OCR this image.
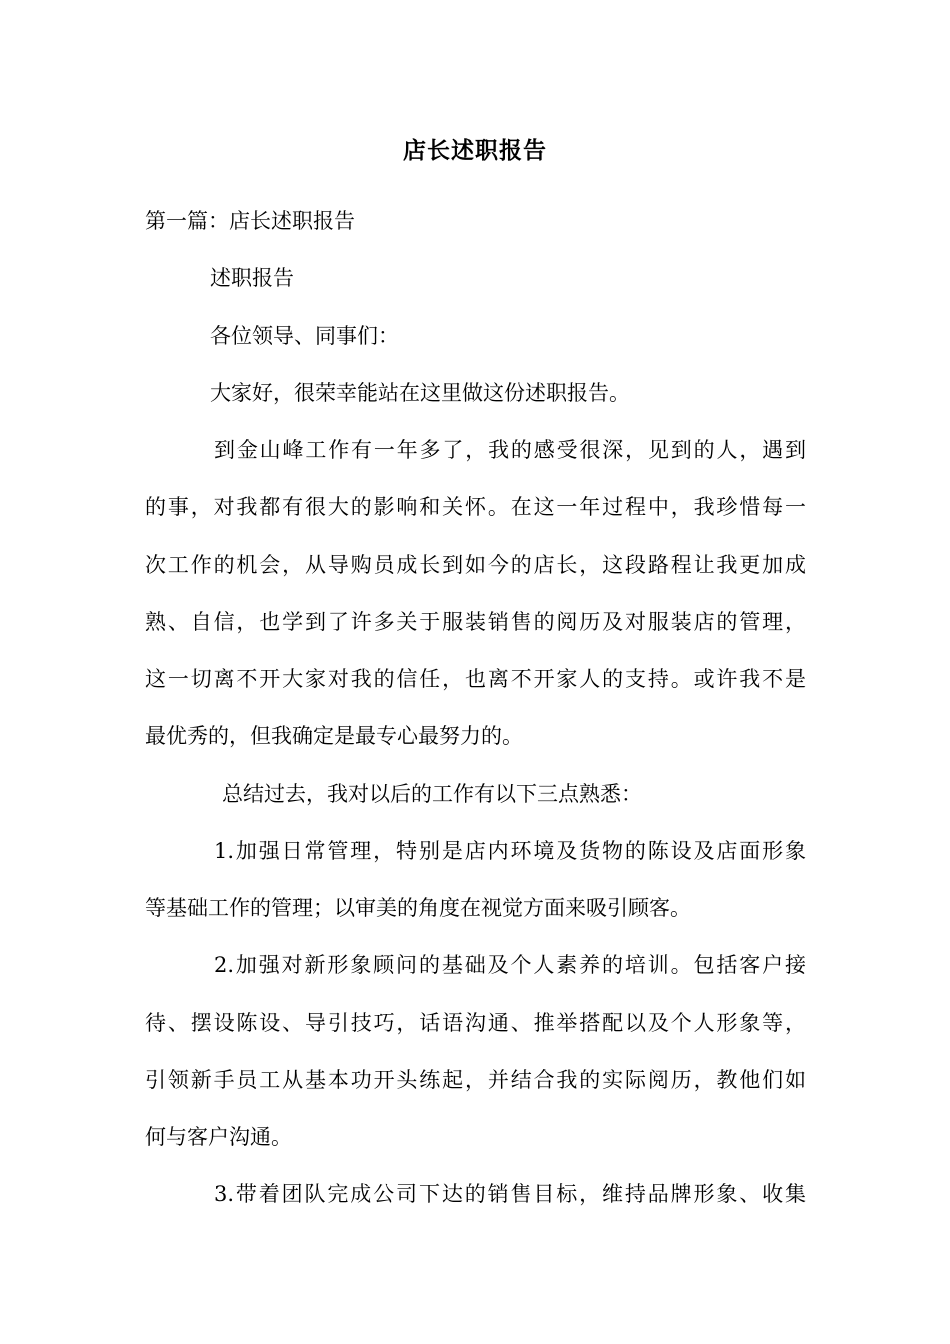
店长述职报告
第一篇：店长述职报告
述职报告
各位领导、同事们：
大家好，很荣幸能站在这里做这份述职报告。
到金山峰工作有一年多了，我的感受很深，见到的人，遇到
的事，对我都有很大的影响和关怀。在这一年过程中，我珍惜每一
次工作的机会，从导购员成长到如今的店长，这段路程让我更加成
熟、自信，也学到了许多关于服装销售的阅历及对服装店的管理，
这一切离不开大家对我的信任，也离不开家人的支持。或许我不是
最优秀的，但我确定是最专心最努力的。
总结过去，我对以后的工作有以下三点熟悉：
1.加强日常管理，特别是店内环境及货物的陈设及店面形象
等基础工作的管理；以审美的角度在视觉方面来吸引顾客。
2.加强对新形象顾问的基础及个人素养的培训。包括客户接
待、摆设陈设、导引技巧，话语沟通、推举搭配以及个人形象等，
引领新手员工从基本功开头练起，并结合我的实际阅历，教他们如
何与客户沟通。
3.带着团队完成公司下达的销售目标，维持品牌形象、收集
